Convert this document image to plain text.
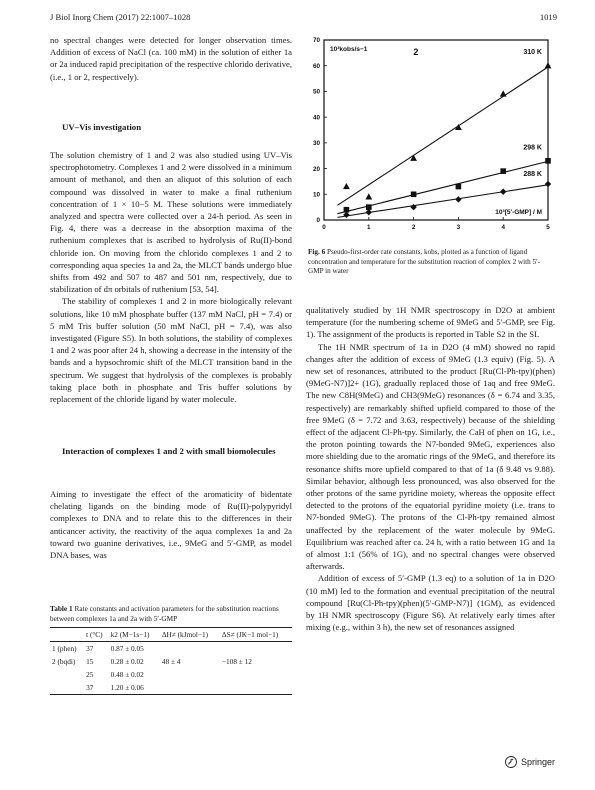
J Biol Inorg Chem (2017) 22:1007–1028	1019

no spectral changes were detected for longer observation times. Addition of excess of NaCl (ca. 100 mM) in the solution of either 1a or 2a induced rapid precipitation of the respective chlorido derivative, (i.e., 1 or 2, respectively).

UV–Vis investigation

The solution chemistry of 1 and 2 was also studied using UV–Vis spectrophotometry. Complexes 1 and 2 were dissolved in a minimum amount of methanol, and then an aliquot of this solution of each compound was dissolved in water to make a final ruthenium concentration of 1 × 10−5 M. These solutions were immediately analyzed and spectra were collected over a 24-h period. As seen in Fig. 4, there was a decrease in the absorption maxima of the ruthenium complexes that is ascribed to hydrolysis of Ru(II)-bond chloride ion. On moving from the chlorido complexes 1 and 2 to corresponding aqua species 1a and 2a, the MLCT bands undergo blue shifts from 492 and 507 to 487 and 501 nm, respectively, due to stabilization of dπ orbitals of ruthenium [53, 54].

The stability of complexes 1 and 2 in more biologically relevant solutions, like 10 mM phosphate buffer (137 mM NaCl, pH = 7.4) or 5 mM Tris buffer solution (50 mM NaCl, pH = 7.4), was also investigated (Figure S5). In both solutions, the stability of complexes 1 and 2 was poor after 24 h, showing a decrease in the intensity of the bands and a hypsochromic shift of the MLCT transition band in the spectrum. We suggest that hydrolysis of the complexes is probably taking place both in phosphate and Tris buffer solutions by replacement of the chloride ligand by water molecule.

Interaction of complexes 1 and 2 with small biomolecules

Aiming to investigate the effect of the aromaticity of bidentate chelating ligands on the binding mode of Ru(II)-polypyridyl complexes to DNA and to relate this to the differences in their anticancer activity, the reactivity of the aqua complexes 1a and 2a toward two guanine derivatives, i.e., 9MeG and 5′-GMP, as model DNA bases, was

Table 1 Rate constants and activation parameters for the substitution reactions between complexes 1a and 2a with 5′-GMP
	t (°C)	k2 (M−1s−1)	ΔH≠ (kJmol−1)	ΔS≠ (JK−1 mol−1)
1 (phen)	37	0.87 ± 0.05		
2 (bqdi)	15	0.28 ± 0.02	48 ± 4	−108 ± 12
	25	0.48 ± 0.02		
	37	1.20 ± 0.06		
0
10
20
30
40
50
60
70
0	1	2	3	4	5
10³kobs/s−1
10³[5′-GMP] / M
2	310 K
298 K
288 K
Fig. 6 Pseudo-first-order rate constants, kobs, plotted as a function of ligand concentration and temperature for the substitution reaction of complex 2 with 5′-GMP in water

qualitatively studied by 1H NMR spectroscopy in D2O at ambient temperature (for the numbering scheme of 9MeG and 5′-GMP, see Fig. 1). The assignment of the products is reported in Table S2 in the SI.

The 1H NMR spectrum of 1a in D2O (4 mM) showed no rapid changes after the addition of excess of 9MeG (1.3 equiv) (Fig. 5). A new set of resonances, attributed to the product [Ru(Cl-Ph-tpy)(phen)(9MeG-N7)]2+ (1G), gradually replaced those of 1aq and free 9MeG. The new C8H(9MeG) and CH3(9MeG) resonances (δ = 6.74 and 3.35, respectively) are remarkably shifted upfield compared to those of the free 9MeG (δ = 7.72 and 3.63, respectively) because of the shielding effect of the adjacent Cl-Ph-tpy. Similarly, the CaH of phen on 1G, i.e., the proton pointing towards the N7-bonded 9MeG, experiences also more shielding due to the aromatic rings of the 9MeG, and therefore its resonance shifts more upfield compared to that of 1a (δ 9.48 vs 9.88). Similar behavior, although less pronounced, was also observed for the other protons of the same pyridine moiety, whereas the opposite effect detected to the protons of the equatorial pyridine moiety (i.e. trans to N7-bonded 9MeG). The protons of the Cl-Ph-tpy remained almost unaffected by the replacement of the water molecule by 9MeG. Equilibrium was reached after ca. 24 h, with a ratio between 1G and 1a of almost 1:1 (56% of 1G), and no spectral changes were observed afterwards.

Addition of excess of 5′-GMP (1.3 eq) to a solution of 1a in D2O (10 mM) led to the formation and eventual precipitation of the neutral compound [Ru(Cl-Ph-tpy)(phen)(5′-GMP-N7)] (1GM), as evidenced by 1H NMR spectroscopy (Figure S6). At relatively early times after mixing (e.g., within 3 h), the new set of resonances assigned

Springer
